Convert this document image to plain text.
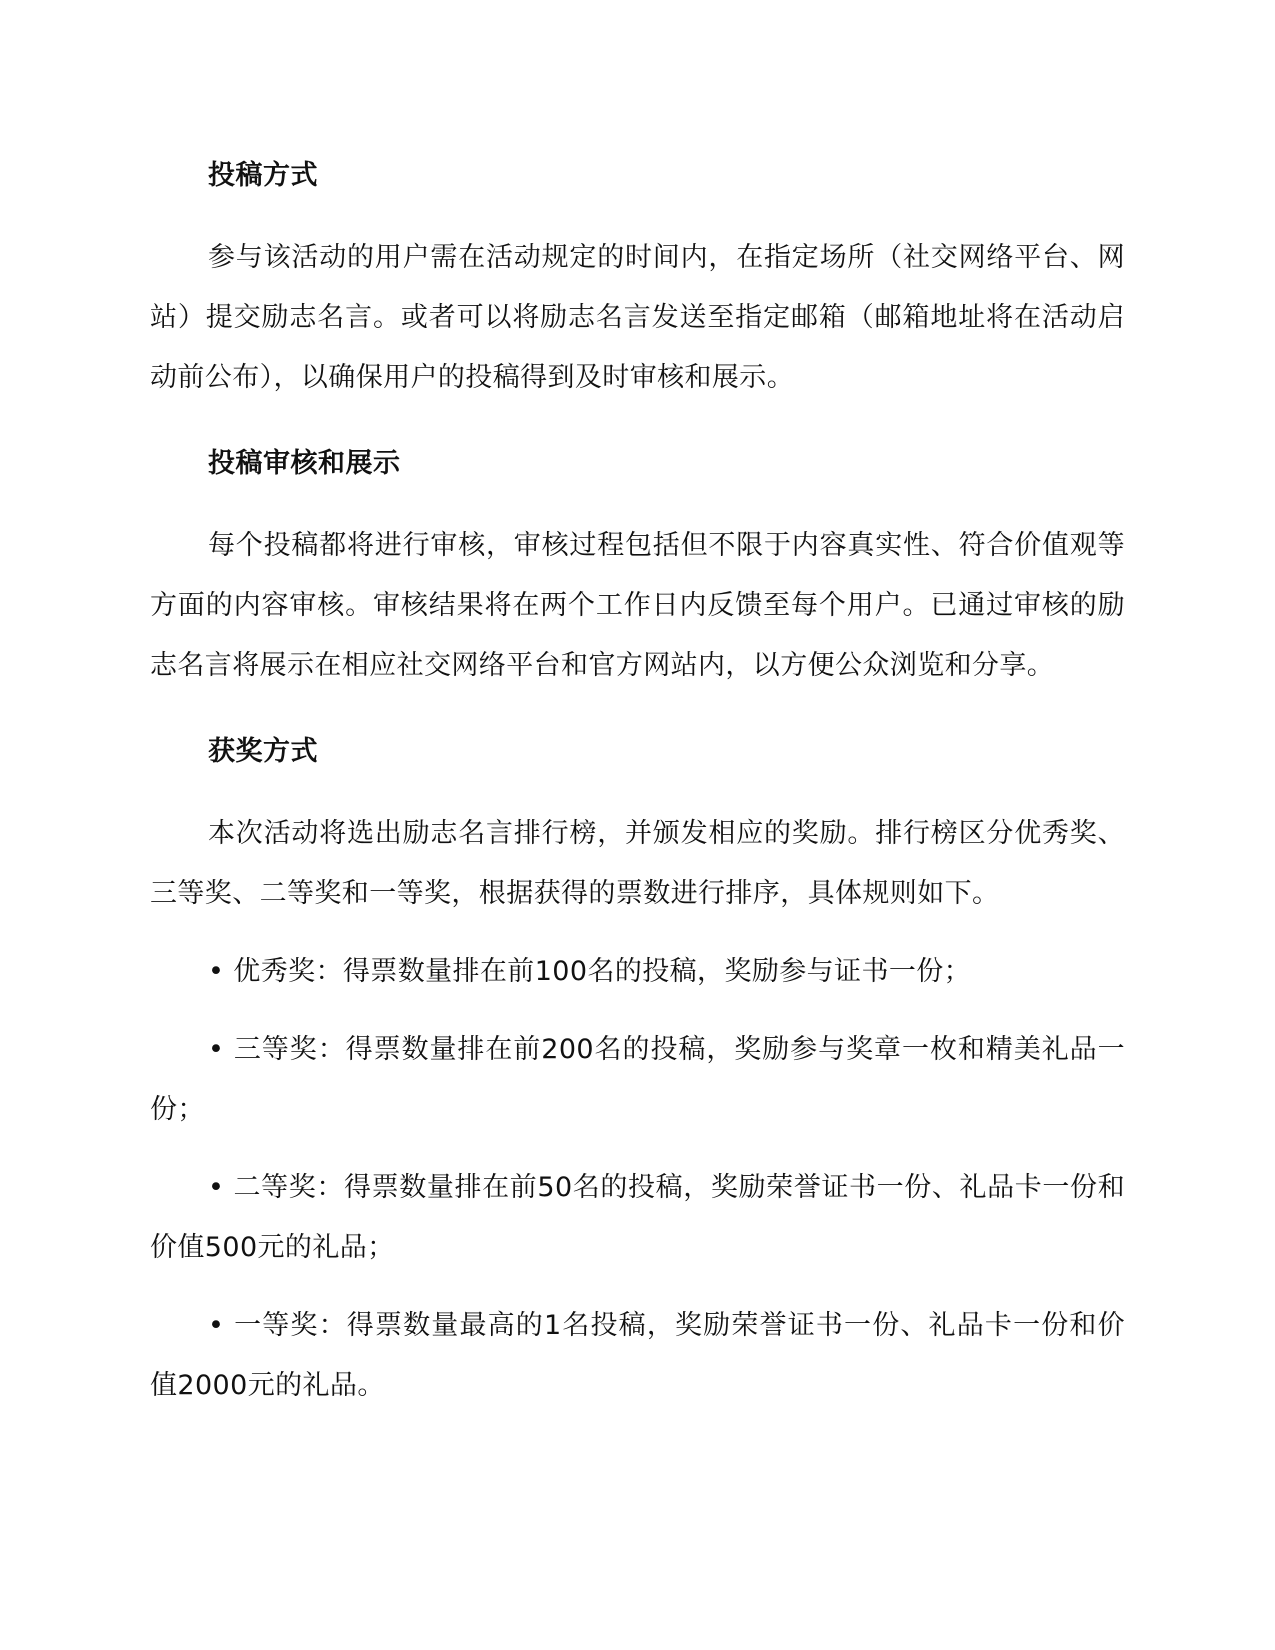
投稿方式

参与该活动的用户需在活动规定的时间内，在指定场所（社交网络平台、网站）提交励志名言。或者可以将励志名言发送至指定邮箱（邮箱地址将在活动启动前公布），以确保用户的投稿得到及时审核和展示。

投稿审核和展示

每个投稿都将进行审核，审核过程包括但不限于内容真实性、符合价值观等方面的内容审核。审核结果将在两个工作日内反馈至每个用户。已通过审核的励志名言将展示在相应社交网络平台和官方网站内，以方便公众浏览和分享。

获奖方式

本次活动将选出励志名言排行榜，并颁发相应的奖励。排行榜区分优秀奖、三等奖、二等奖和一等奖，根据获得的票数进行排序，具体规则如下。

• 优秀奖：得票数量排在前100名的投稿，奖励参与证书一份；

• 三等奖：得票数量排在前200名的投稿，奖励参与奖章一枚和精美礼品一份；

• 二等奖：得票数量排在前50名的投稿，奖励荣誉证书一份、礼品卡一份和价值500元的礼品；

• 一等奖：得票数量最高的1名投稿，奖励荣誉证书一份、礼品卡一份和价值2000元的礼品。
